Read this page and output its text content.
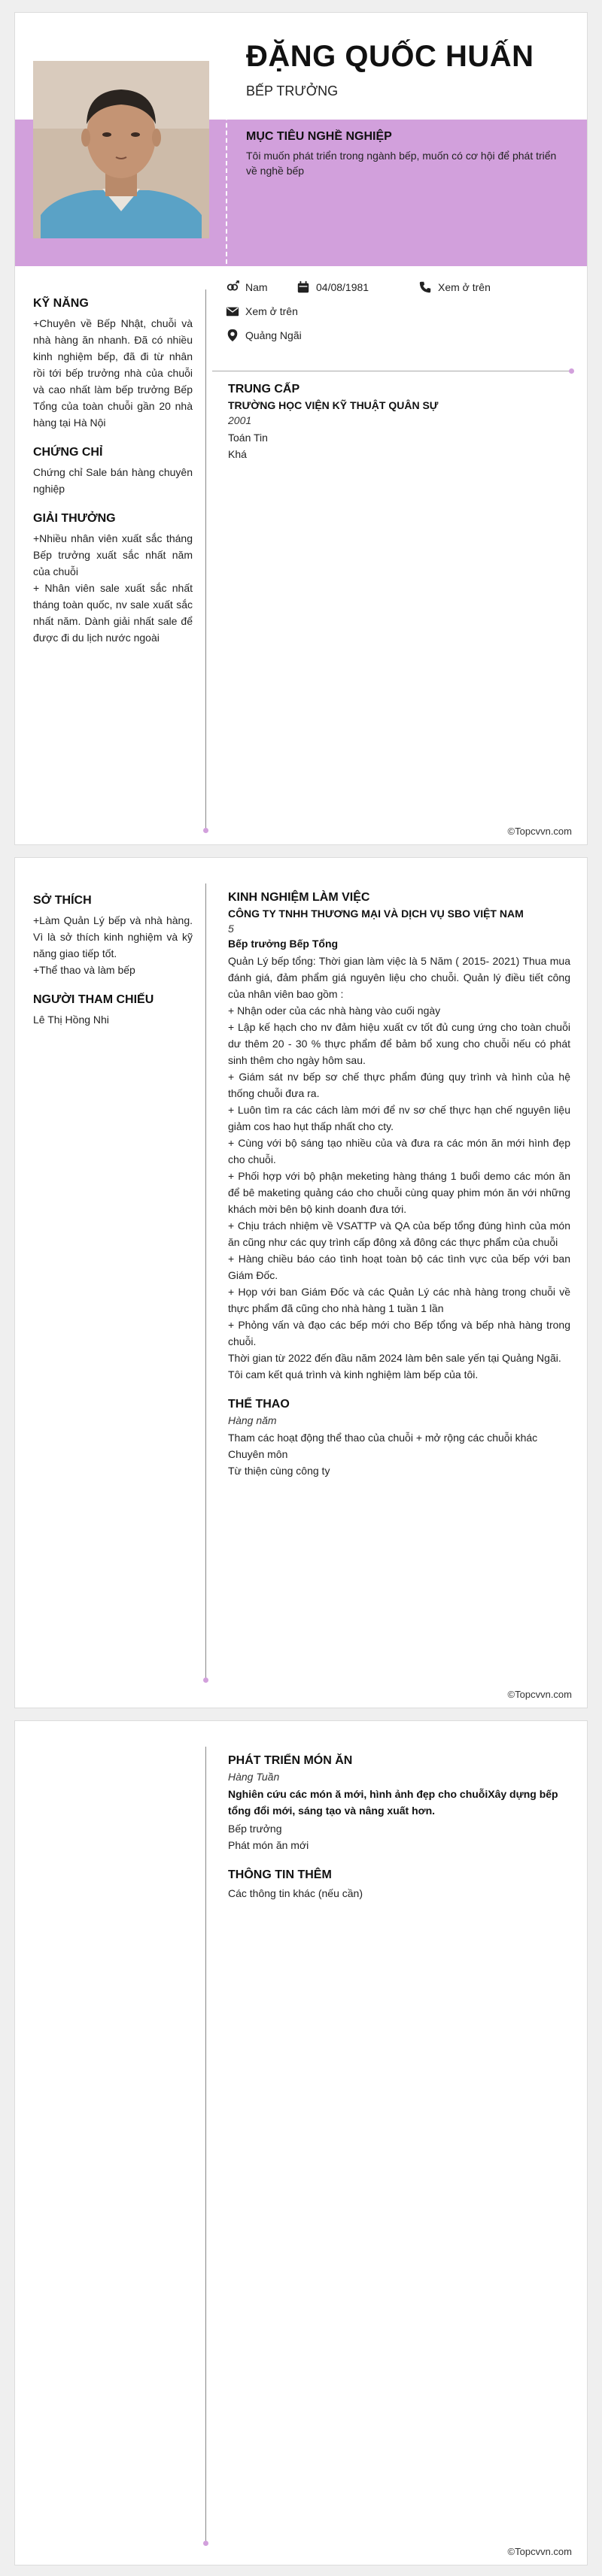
ĐẶNG QUỐC HUẤN
BẾP TRƯỞNG
MỤC TIÊU NGHỀ NGHIỆP
Tôi muốn phát triển trong ngành bếp, muốn có cơ hội để phát triển về nghề bếp
Nam	04/08/1981	Xem ở trên
Xem ở trên
Quảng Ngãi
KỸ NĂNG
+Chuyên về Bếp Nhật, chuỗi và nhà hàng ăn nhanh. Đã có nhiều kinh nghiệm bếp, đã đi từ nhân rồi tới bếp trưởng nhà của chuỗi và cao nhất làm bếp trưởng Bếp Tổng của toàn chuỗi gần 20 nhà hàng tại Hà Nội
CHỨNG CHỈ
Chứng chỉ Sale bán hàng chuyên nghiệp
GIẢI THƯỞNG
+Nhiều nhân viên xuất sắc tháng Bếp trưởng xuất sắc nhất năm của chuỗi
+ Nhân viên sale xuất sắc nhất tháng toàn quốc, nv sale xuất sắc nhất năm. Dành giải nhất sale để được đi du lịch nước ngoài
TRUNG CẤP
TRƯỜNG HỌC VIỆN KỸ THUẬT QUÂN SỰ
2001
Toán Tin
Khá
©Topcvvn.com
SỞ THÍCH
+Làm Quản Lý bếp và nhà hàng. Vì là sở thích kinh nghiệm và kỹ năng giao tiếp tốt.
+Thể thao và làm bếp
NGƯỜI THAM CHIẾU
Lê Thị Hồng Nhi
KINH NGHIỆM LÀM VIỆC
CÔNG TY TNHH THƯƠNG MẠI VÀ DỊCH VỤ SBO VIỆT NAM
5
Bếp trưởng Bếp Tổng
Quản Lý bếp tổng: Thời gian làm việc là 5 Năm ( 2015- 2021) Thua mua đánh giá, đảm phẩm giá nguyên liệu cho chuỗi. Quản lý điều tiết công của nhân viên bao gồm :
+ Nhận oder của các nhà hàng vào cuối ngày
+ Lập kế hạch cho nv đảm hiệu xuất cv tốt đủ cung ứng cho toàn chuỗi dư thêm 20 - 30 % thực phẩm để bảm bổ xung cho chuỗi nếu có phát sinh thêm cho ngày hôm sau.
+ Giám sát nv bếp sơ chế thực phẩm đúng quy trình và hình của hệ thống chuỗi đưa ra.
+ Luôn tìm ra các cách làm mới để nv sơ chế thực hạn chế nguyên liệu giảm cos hao hụt thấp nhất cho cty.
+ Cùng với bộ sáng tạo nhiều của và đưa ra các món ăn mới hình đẹp cho chuỗi.
+ Phối hợp với bộ phận meketing hàng tháng 1 buổi demo các món ăn để bê maketing quảng cáo cho chuỗi cùng quay phim món ăn với những khách mời bên bộ kinh doanh đưa tới.
+ Chịu trách nhiệm về VSATTP và QA của bếp tổng đúng hình của món ăn cũng như các quy trình cấp đông xả đông các thực phẩm của chuỗi
+ Hàng chiều báo cáo tình hoạt toàn bộ các tình vực của bếp với ban Giám Đốc.
+ Họp với ban Giám Đốc và các Quản Lý các nhà hàng trong chuỗi về thực phẩm đã cũng cho nhà hàng 1 tuần 1 lần
+ Phỏng vấn và đạo các bếp mới cho Bếp tổng và bếp nhà hàng trong chuỗi.
Thời gian từ 2022 đến đầu năm 2024 làm bên sale yến tại Quảng Ngãi.
Tôi cam kết quá trình và kinh nghiệm làm bếp của tôi.
THỂ THAO
Hàng năm
Tham các hoạt động thể thao của chuỗi + mở rộng các chuỗi khác
Chuyên môn
Từ thiện cùng công ty
©Topcvvn.com
PHÁT TRIỂN MÓN ĂN
Hàng Tuần
Nghiên cứu các món ă mới, hình ảnh đẹp cho chuỗiXây dựng bếp tổng đổi mới, sáng tạo và nâng xuất hơn.
Bếp trưởng
Phát món ăn mới
THÔNG TIN THÊM
Các thông tin khác (nếu cần)
©Topcvvn.com
